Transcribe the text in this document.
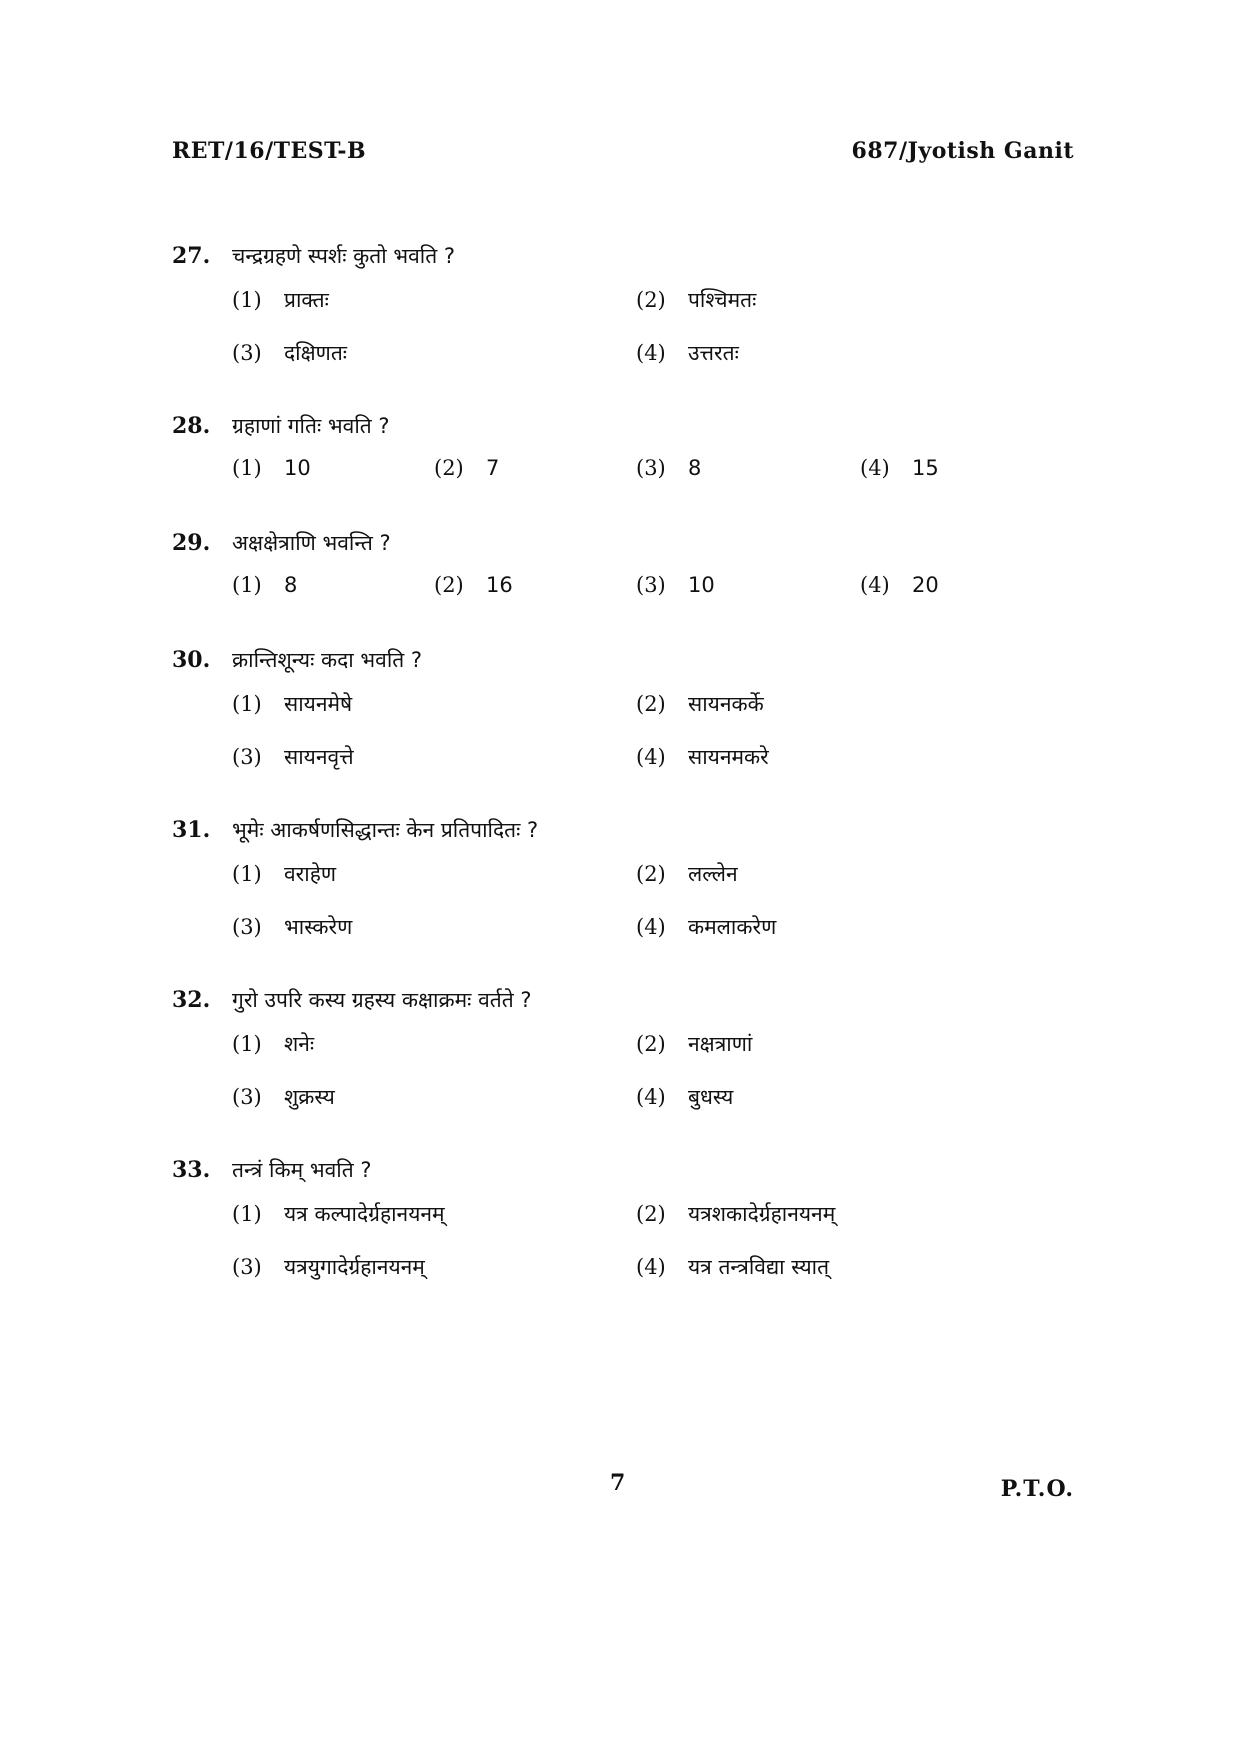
RET/16/TEST-B	687/Jyotish Ganit
27. चन्द्रग्रहणे स्पर्शः कुतो भवति ?
(1) प्राक्तः	(2) पश्चिमतः
(3) दक्षिणतः	(4) उत्तरतः
28. ग्रहाणां गतिः भवति ?
(1) 10	(2) 7	(3) 8	(4) 15
29. अक्षक्षेत्राणि भवन्ति ?
(1) 8	(2) 16	(3) 10	(4) 20
30. क्रान्तिशून्यः कदा भवति ?
(1) सायनमेषे	(2) सायनकर्के
(3) सायनवृत्ते	(4) सायनमकरे
31. भूमेः आकर्षणसिद्धान्तः केन प्रतिपादितः ?
(1) वराहेण	(2) लल्लेन
(3) भास्करेण	(4) कमलाकरेण
32. गुरो उपरि कस्य ग्रहस्य कक्षाक्रमः वर्तते ?
(1) शनेः	(2) नक्षत्राणां
(3) शुक्रस्य	(4) बुधस्य
33. तन्त्रं किम् भवति ?
(1) यत्र कल्पादेर्ग्रहानयनम्	(2) यत्रशकादेर्ग्रहानयनम्
(3) यत्रयुगादेर्ग्रहानयनम्	(4) यत्र तन्त्रविद्या स्यात्
7	P.T.O.
